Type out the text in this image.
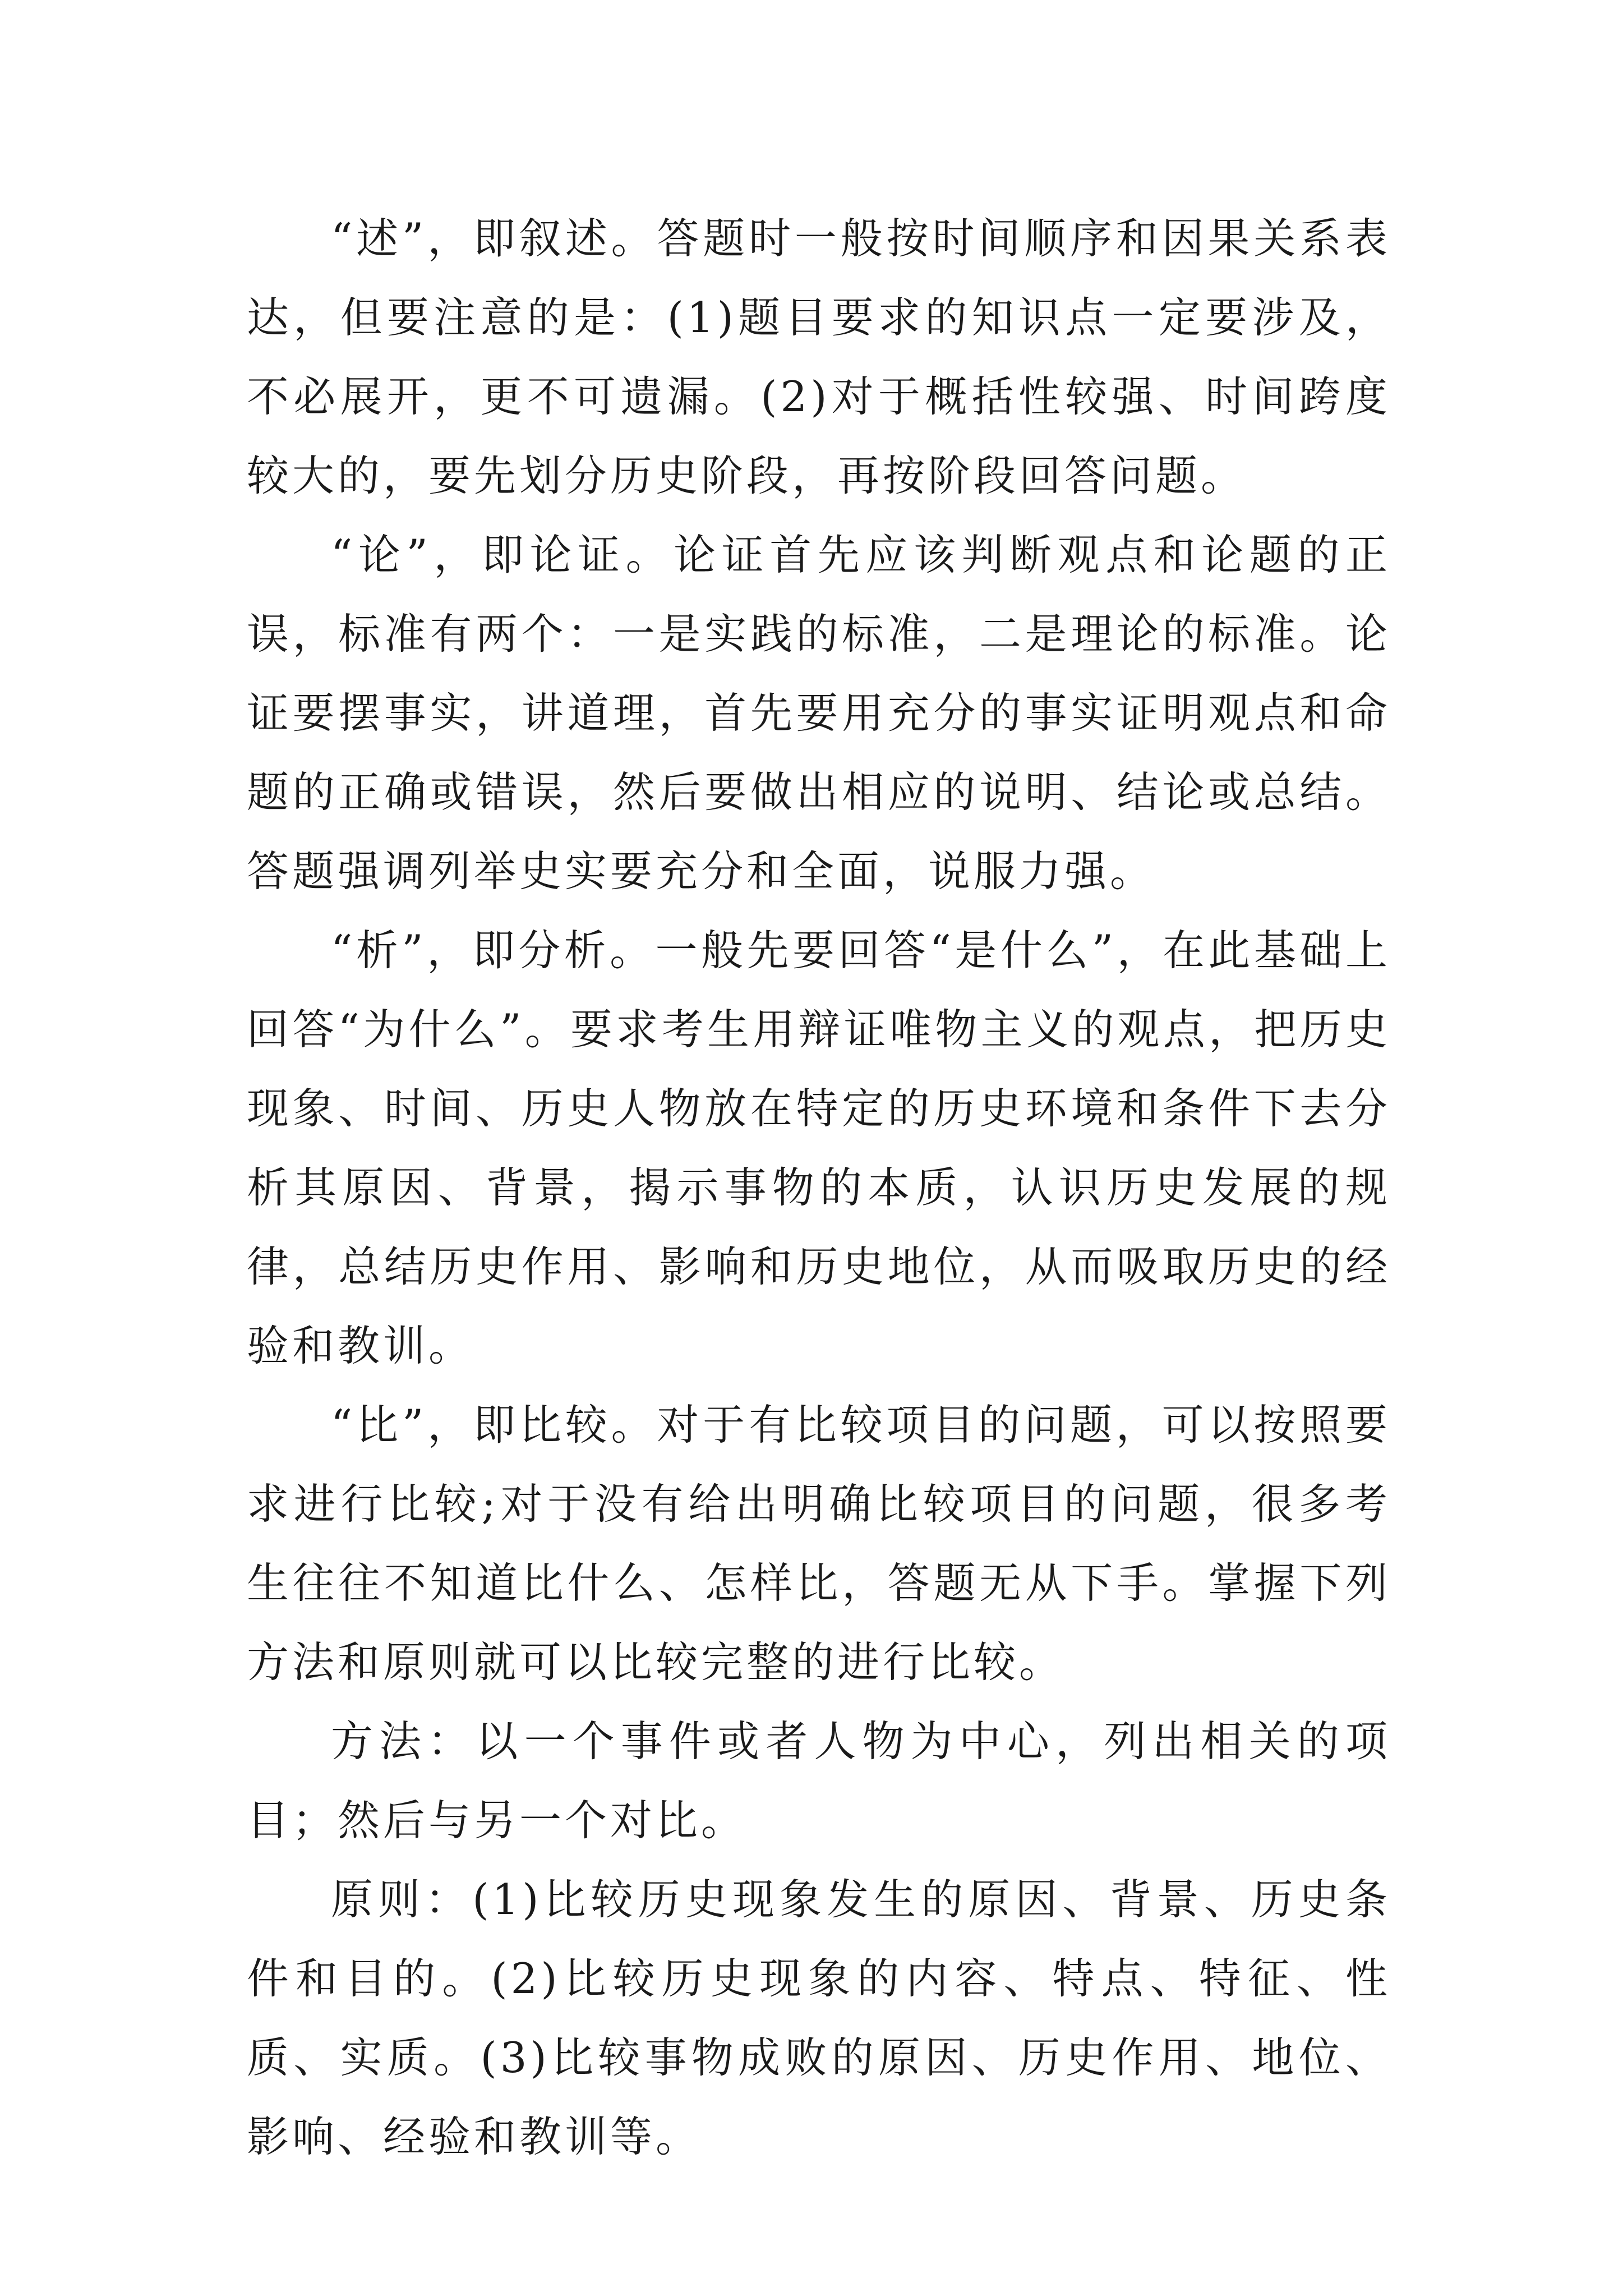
“述”，即叙述。答题时一般按时间顺序和因果关系表达，但要注意的是：(1)题目要求的知识点一定要涉及，不必展开，更不可遗漏。(2)对于概括性较强、时间跨度较大的，要先划分历史阶段，再按阶段回答问题。

“论”，即论证。论证首先应该判断观点和论题的正误，标准有两个：一是实践的标准，二是理论的标准。论证要摆事实，讲道理，首先要用充分的事实证明观点和命题的正确或错误，然后要做出相应的说明、结论或总结。答题强调列举史实要充分和全面，说服力强。

“析”，即分析。一般先要回答“是什么”，在此基础上回答“为什么”。要求考生用辩证唯物主义的观点，把历史现象、时间、历史人物放在特定的历史环境和条件下去分析其原因、背景，揭示事物的本质，认识历史发展的规律，总结历史作用、影响和历史地位，从而吸取历史的经验和教训。

“比”，即比较。对于有比较项目的问题，可以按照要求进行比较;对于没有给出明确比较项目的问题，很多考生往往不知道比什么、怎样比，答题无从下手。掌握下列方法和原则就可以比较完整的进行比较。

方法：以一个事件或者人物为中心，列出相关的项目；然后与另一个对比。

原则：(1)比较历史现象发生的原因、背景、历史条件和目的。(2)比较历史现象的内容、特点、特征、性质、实质。(3)比较事物成败的原因、历史作用、地位、影响、经验和教训等。
